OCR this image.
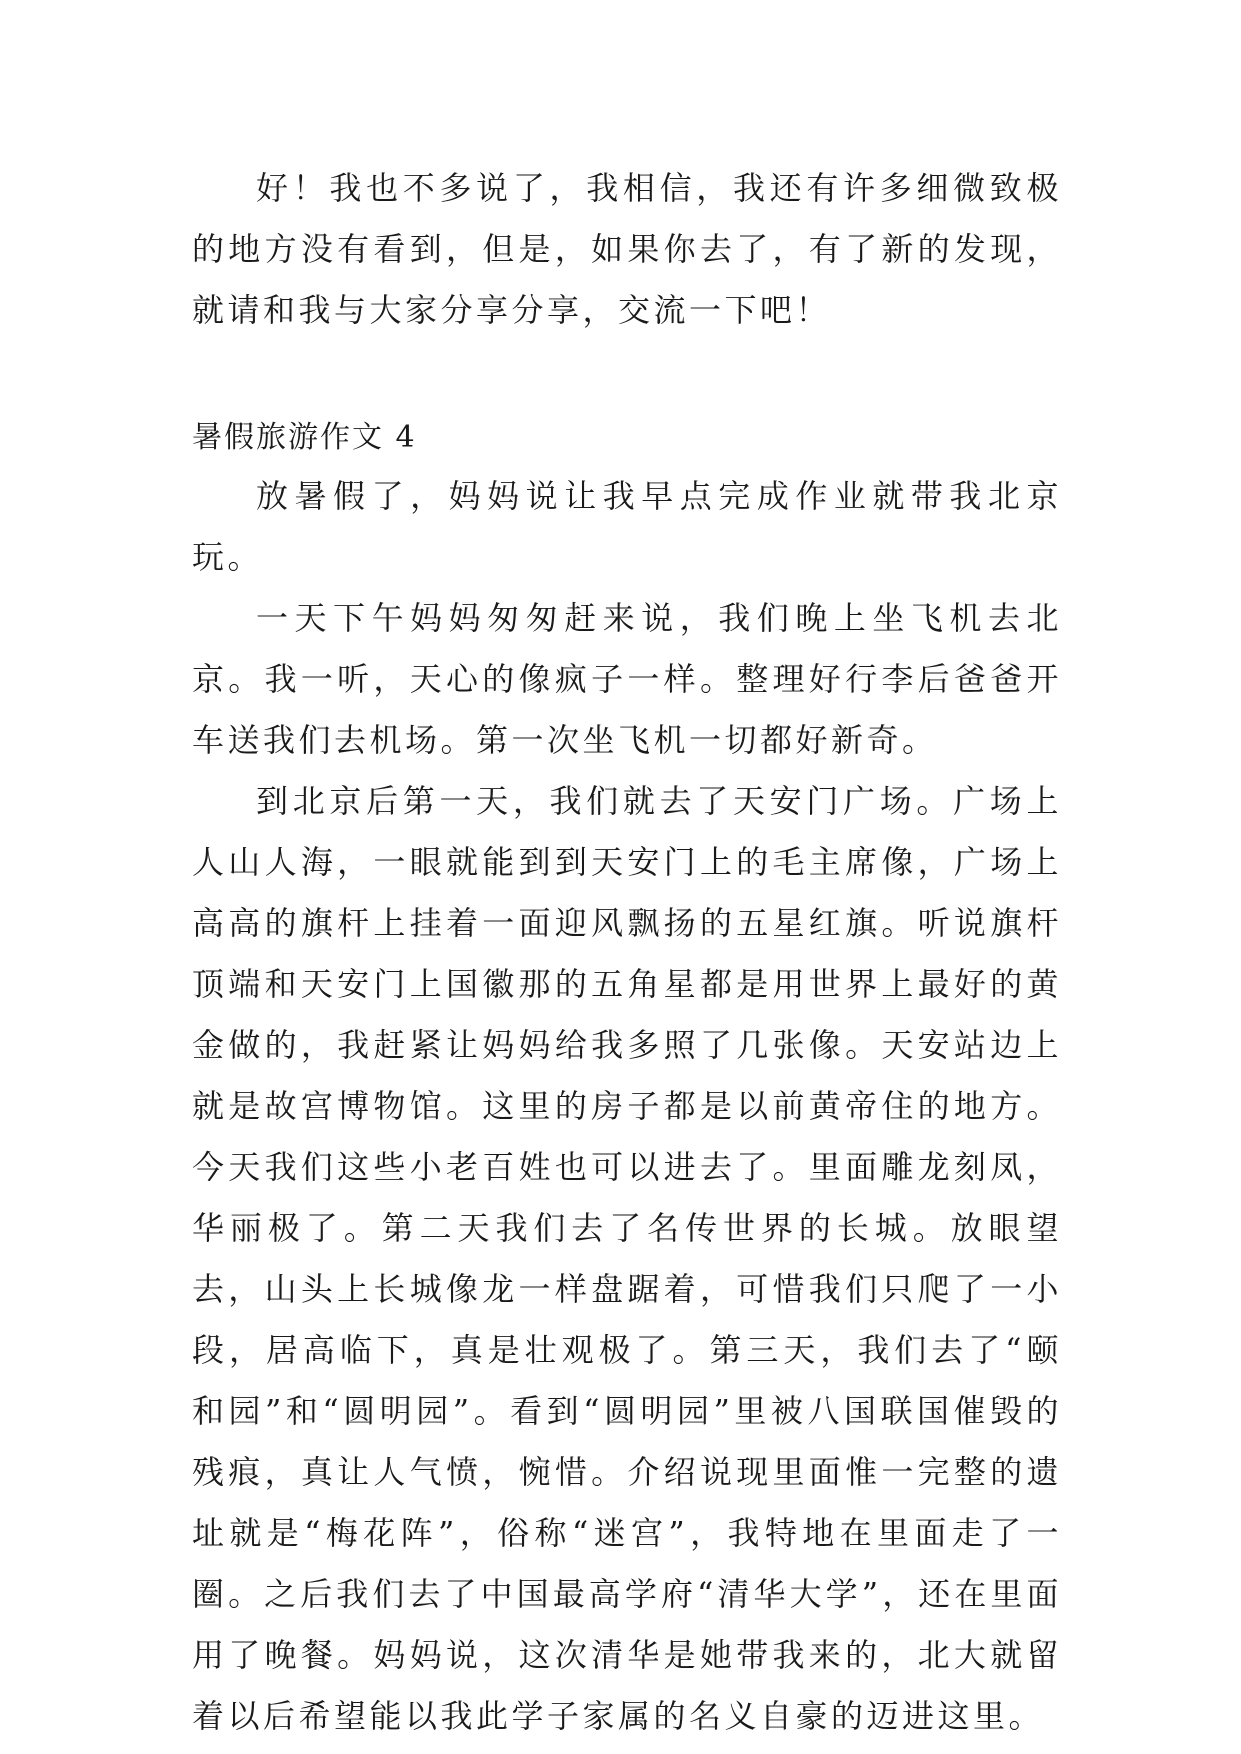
好！我也不多说了，我相信，我还有许多细微致极的地方没有看到，但是，如果你去了，有了新的发现，就请和我与大家分享分享，交流一下吧！

暑假旅游作文 4

放暑假了，妈妈说让我早点完成作业就带我北京玩。

一天下午妈妈匆匆赶来说，我们晚上坐飞机去北京。我一听，天心的像疯子一样。整理好行李后爸爸开车送我们去机场。第一次坐飞机一切都好新奇。

到北京后第一天，我们就去了天安门广场。广场上人山人海，一眼就能到到天安门上的毛主席像，广场上高高的旗杆上挂着一面迎风飘扬的五星红旗。听说旗杆顶端和天安门上国徽那的五角星都是用世界上最好的黄金做的，我赶紧让妈妈给我多照了几张像。天安站边上就是故宫博物馆。这里的房子都是以前黄帝住的地方。今天我们这些小老百姓也可以进去了。里面雕龙刻凤，华丽极了。第二天我们去了名传世界的长城。放眼望去，山头上长城像龙一样盘踞着，可惜我们只爬了一小段，居高临下，真是壮观极了。第三天，我们去了“颐和园”和“圆明园”。看到“圆明园”里被八国联国催毁的残痕，真让人气愤，惋惜。介绍说现里面惟一完整的遗址就是“梅花阵”，俗称“迷宫”，我特地在里面走了一圈。之后我们去了中国最高学府“清华大学”，还在里面用了晚餐。妈妈说，这次清华是她带我来的，北大就留着以后希望能以我此学子家属的名义自豪的迈进这里。
